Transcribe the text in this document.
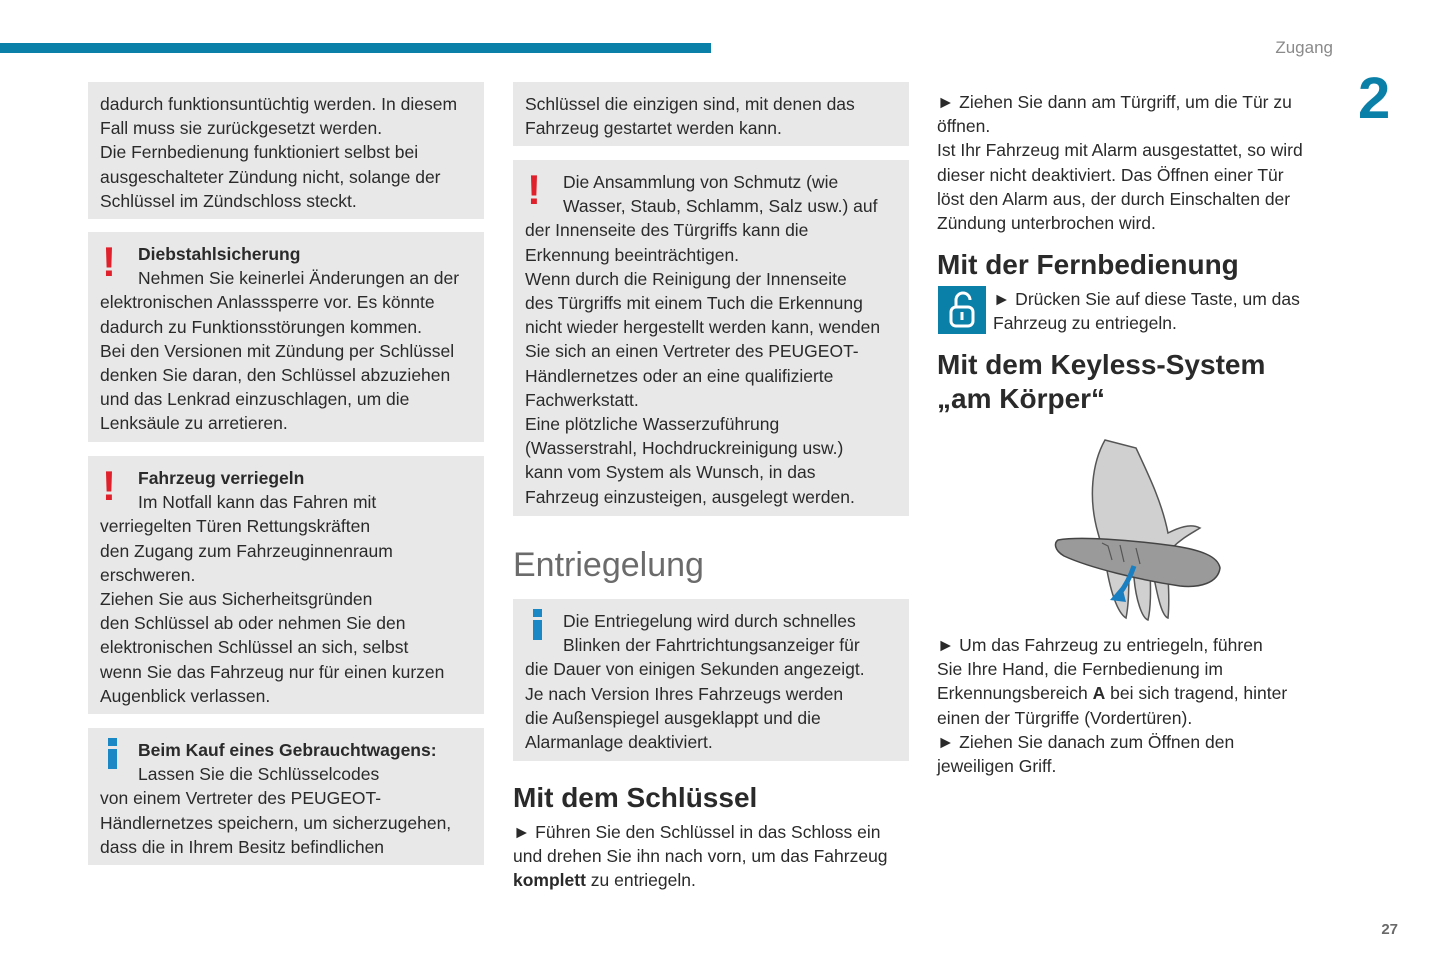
Zugang
2

dadurch funktionsuntüchtig werden. In diesem

Fall muss sie zurückgesetzt werden.

Die Fernbedienung funktioniert selbst bei

ausgeschalteter Zündung nicht, solange der

Schlüssel im Zündschloss steckt.

!	Diebstahlsicherung

Nehmen Sie keinerlei Änderungen an der

elektronischen Anlasssperre vor. Es könnte

dadurch zu Funktionsstörungen kommen.

Bei den Versionen mit Zündung per Schlüssel

denken Sie daran, den Schlüssel abzuziehen

und das Lenkrad einzuschlagen, um die

Lenksäule zu arretieren.

!	Fahrzeug verriegeln

Im Notfall kann das Fahren mit

verriegelten Türen Rettungskräften

den Zugang zum Fahrzeuginnenraum

erschweren.

Ziehen Sie aus Sicherheitsgründen

den Schlüssel ab oder nehmen Sie den

elektronischen Schlüssel an sich, selbst

wenn Sie das Fahrzeug nur für einen kurzen

Augenblick verlassen.

Beim Kauf eines Gebrauchtwagens:

Lassen Sie die Schlüsselcodes

von einem Vertreter des PEUGEOT-

Händlernetzes speichern, um sicherzugehen,

dass die in Ihrem Besitz befindlichen

Schlüssel die einzigen sind, mit denen das

Fahrzeug gestartet werden kann.

!	Die Ansammlung von Schmutz (wie

Wasser, Staub, Schlamm, Salz usw.) auf

der Innenseite des Türgriffs kann die

Erkennung beeinträchtigen.

Wenn durch die Reinigung der Innenseite

des Türgriffs mit einem Tuch die Erkennung

nicht wieder hergestellt werden kann, wenden

Sie sich an einen Vertreter des PEUGEOT-

Händlernetzes oder an eine qualifizierte

Fachwerkstatt.

Eine plötzliche Wasserzuführung

(Wasserstrahl, Hochdruckreinigung usw.)

kann vom System als Wunsch, in das

Fahrzeug einzusteigen, ausgelegt werden.

Entriegelung

Die Entriegelung wird durch schnelles

Blinken der Fahrtrichtungsanzeiger für

die Dauer von einigen Sekunden angezeigt.

Je nach Version Ihres Fahrzeugs werden

die Außenspiegel ausgeklappt und die

Alarmanlage deaktiviert.

Mit dem Schlüssel

► Führen Sie den Schlüssel in das Schloss ein

und drehen Sie ihn nach vorn, um das Fahrzeug

komplett zu entriegeln.

► Ziehen Sie dann am Türgriff, um die Tür zu

öffnen.

Ist Ihr Fahrzeug mit Alarm ausgestattet, so wird

dieser nicht deaktiviert. Das Öffnen einer Tür

löst den Alarm aus, der durch Einschalten der

Zündung unterbrochen wird.

Mit der Fernbedienung

► Drücken Sie auf diese Taste, um das

Fahrzeug zu entriegeln.

Mit dem Keyless-System
„am Körper“

► Um das Fahrzeug zu entriegeln, führen

Sie Ihre Hand, die Fernbedienung im

Erkennungsbereich A bei sich tragend, hinter

einen der Türgriffe (Vordertüren).

► Ziehen Sie danach zum Öffnen den

jeweiligen Griff.

27
